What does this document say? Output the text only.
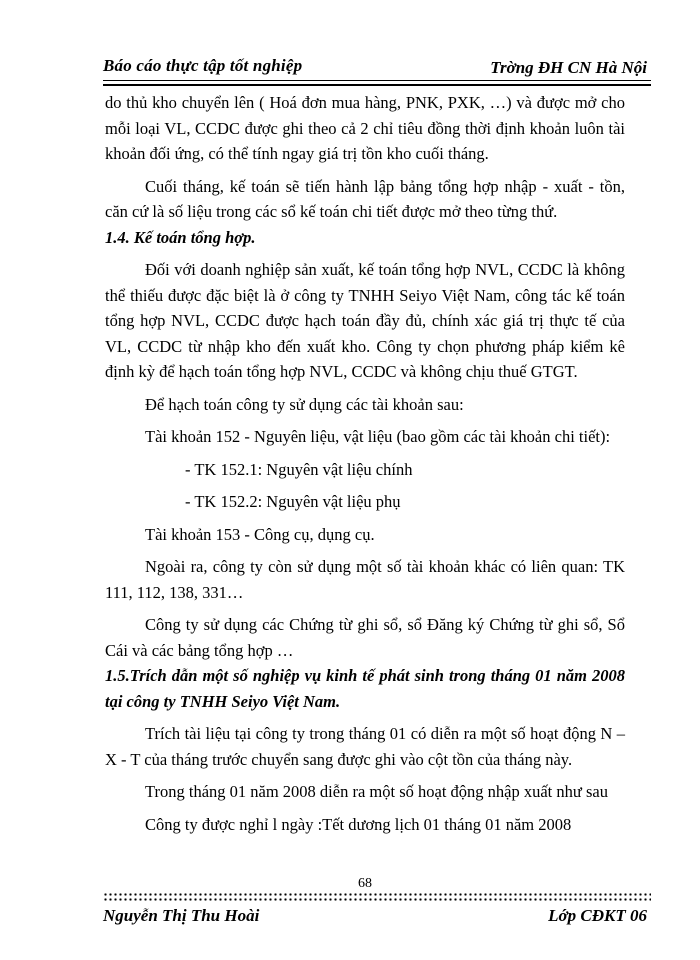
Báo cáo thực tập tốt nghiệp	Trờng ĐH CN Hà Nội
do thủ kho chuyển lên ( Hoá đơn mua hàng, PNK, PXK, …) và được mở cho
mỗi loại VL, CCDC được ghi theo cả 2 chỉ tiêu đồng thời định khoản luôn tài
khoản đối ứng, có thể tính ngay giá trị tồn kho cuối tháng.
Cuối tháng, kế toán sẽ tiến hành lập bảng tổng hợp nhập - xuất - tồn,
căn cứ là số liệu trong các sổ kế toán chi tiết được mở theo từng thứ.
1.4. Kế toán tổng hợp.
Đối với doanh nghiệp sản xuất, kế toán tổng hợp NVL, CCDC là không
thể thiếu được đặc biệt là ở công ty TNHH Seiyo Việt Nam, công tác kế toán
tổng hợp NVL, CCDC được hạch toán đầy đủ, chính xác giá trị thực tế của
VL, CCDC từ nhập kho đến xuất kho. Công ty chọn phương pháp kiểm kê
định kỳ để hạch toán tổng hợp NVL, CCDC và không chịu thuế GTGT.
Để hạch toán công ty sử dụng các tài khoản sau:
Tài khoản 152 - Nguyên liệu, vật liệu (bao gồm các tài khoản chi tiết):
- TK 152.1: Nguyên vật liệu chính
- TK 152.2: Nguyên vật liệu phụ
Tài khoản 153 - Công cụ, dụng cụ.
Ngoài ra, công ty còn sử dụng một số tài khoản khác có liên quan: TK
111, 112, 138, 331…
Công ty sử dụng các Chứng từ ghi sổ, sổ Đăng ký Chứng từ ghi sổ, Sổ
Cái và các bảng tổng hợp …
1.5.Trích dẫn một số nghiệp vụ kinh tế phát sinh trong tháng 01 năm 2008
tại công ty TNHH Seiyo Việt Nam.
Trích tài liệu tại công ty trong tháng 01 có diễn ra một số hoạt động N –
X - T của tháng trước chuyển sang được ghi vào cột tồn của tháng này.
Trong tháng 01 năm 2008 diễn ra một số hoạt động nhập xuất như sau
Công ty được nghỉ l ngày :Tết dương lịch 01 tháng 01 năm 2008
68
Nguyễn Thị Thu Hoài	Lớp CĐKT 06
